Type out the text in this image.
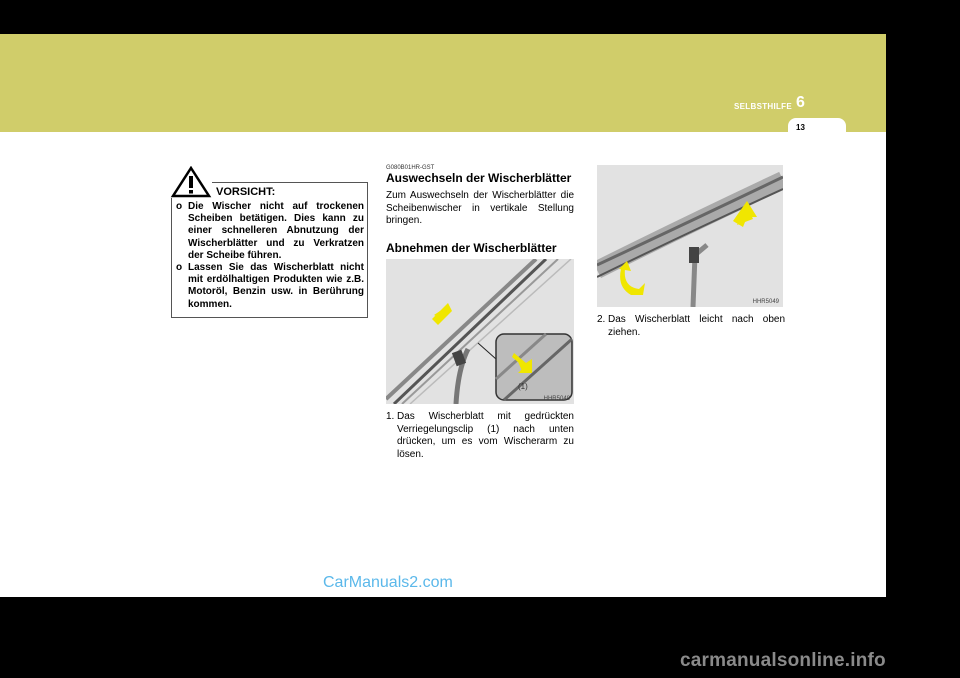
SELBSTHILFE 6
13
VORSICHT:
o Die Wischer nicht auf trockenen Scheiben betätigen. Dies kann zu einer schnelleren Abnutzung der Wischerblätter und zu Verkratzen der Scheibe führen.
o Lassen Sie das Wischerblatt nicht mit erdölhaltigen Produkten wie z.B. Motoröl, Benzin usw. in Berührung kommen.
G080B01HR-GST
Auswechseln der Wischerblätter
Zum Auswechseln der Wischerblätter die Scheibenwischer in vertikale Stellung bringen.
Abnehmen der Wischerblätter
(1)
HHR5048
1. Das Wischerblatt mit gedrückten Verriegelungsclip (1) nach unten drücken, um es vom Wischerarm zu lösen.
HHR5049
2. Das Wischerblatt leicht nach oben ziehen.
CarManuals2.com
carmanualsonline.info
